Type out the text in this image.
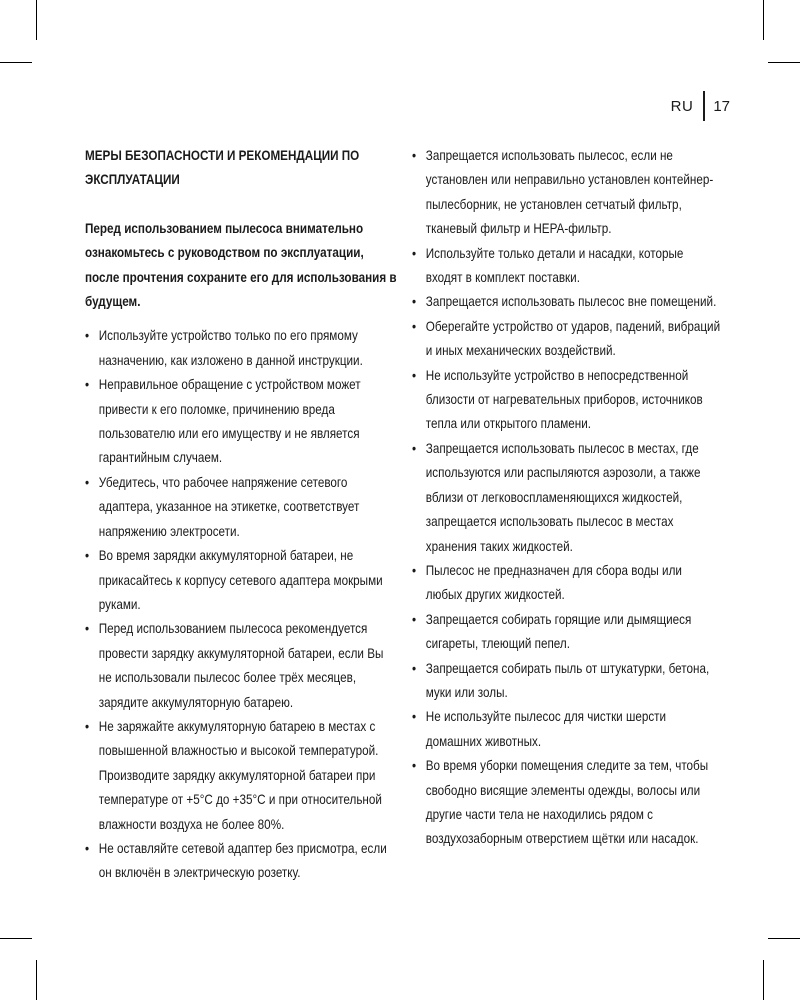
RU	17
МЕРЫ БЕЗОПАСНОСТИ И РЕКОМЕНДАЦИИ ПО ЭКСПЛУАТАЦИИ
Перед использованием пылесоса внимательно ознакомьтесь с руководством по эксплуатации, после прочтения сохраните его для использования в будущем.
• Используйте устройство только по его прямому назначению, как изложено в данной инструкции.
• Неправильное обращение с устройством может привести к его поломке, причинению вреда пользователю или его имуществу и не является гарантийным случаем.
• Убедитесь, что рабочее напряжение сетевого адаптера, указанное на этикетке, соответствует напряжению электросети.
• Во время зарядки аккумуляторной батареи, не прикасайтесь к корпусу сетевого адаптера мокрыми руками.
• Перед использованием пылесоса рекомендуется провести зарядку аккумуляторной батареи, если Вы не использовали пылесос более трёх месяцев, зарядите аккумуляторную батарею.
• Не заряжайте аккумуляторную батарею в местах с повышенной влажностью и высокой температурой. Производите зарядку аккумуляторной батареи при температуре от +5°C до +35°C и при относительной влажности воздуха не более 80%.
• Не оставляйте сетевой адаптер без присмотра, если он включён в электрическую розетку.
• Запрещается использовать пылесос, если не установлен или неправильно установлен контейнер-пылесборник, не установлен сетчатый фильтр, тканевый фильтр и HEPA-фильтр.
• Используйте только детали и насадки, которые входят в комплект поставки.
• Запрещается использовать пылесос вне помещений.
• Оберегайте устройство от ударов, падений, вибраций и иных механических воздействий.
• Не используйте устройство в непосредственной близости от нагревательных приборов, источников тепла или открытого пламени.
• Запрещается использовать пылесос в местах, где используются или распыляются аэрозоли, а также вблизи от легковоспламеняющихся жидкостей, запрещается использовать пылесос в местах хранения таких жидкостей.
• Пылесос не предназначен для сбора воды или любых других жидкостей.
• Запрещается собирать горящие или дымящиеся сигареты, тлеющий пепел.
• Запрещается собирать пыль от штукатурки, бетона, муки или золы.
• Не используйте пылесос для чистки шерсти домашних животных.
• Во время уборки помещения следите за тем, чтобы свободно висящие элементы одежды, волосы или другие части тела не находились рядом с воздухозаборным отверстием щётки или насадок.
